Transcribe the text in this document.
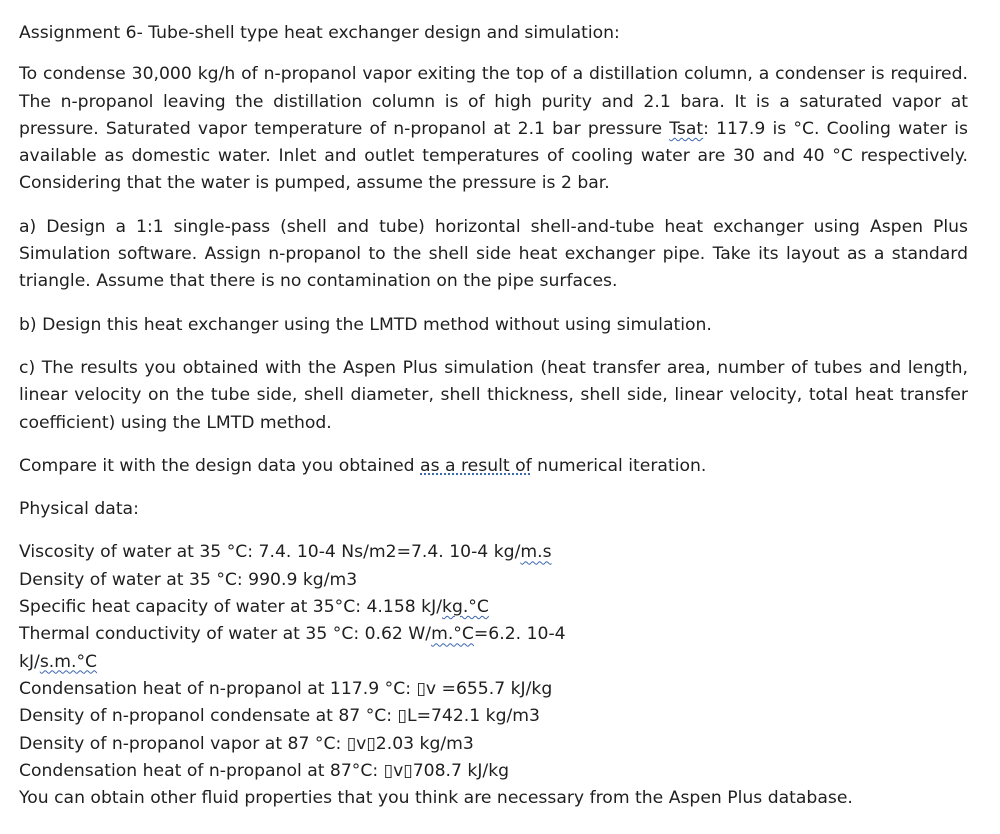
Assignment 6- Tube-shell type heat exchanger design and simulation:

To condense 30,000 kg/h of n-propanol vapor exiting the top of a distillation column, a condenser is required. The n-propanol leaving the distillation column is of high purity and 2.1 bara. It is a saturated vapor at pressure. Saturated vapor temperature of n-propanol at 2.1 bar pressure Tsat: 117.9 is °C. Cooling water is available as domestic water. Inlet and outlet temperatures of cooling water are 30 and 40 °C respectively. Considering that the water is pumped, assume the pressure is 2 bar.

a) Design a 1:1 single-pass (shell and tube) horizontal shell-and-tube heat exchanger using Aspen Plus Simulation software. Assign n-propanol to the shell side heat exchanger pipe. Take its layout as a standard triangle. Assume that there is no contamination on the pipe surfaces.

b) Design this heat exchanger using the LMTD method without using simulation.

c) The results you obtained with the Aspen Plus simulation (heat transfer area, number of tubes and length, linear velocity on the tube side, shell diameter, shell thickness, shell side, linear velocity, total heat transfer coefficient) using the LMTD method.

Compare it with the design data you obtained as a result of numerical iteration.

Physical data:

Viscosity of water at 35 °C: 7.4. 10-4 Ns/m2=7.4. 10-4 kg/m.s
Density of water at 35 °C: 990.9 kg/m3
Specific heat capacity of water at 35°C: 4.158 kJ/kg.°C
Thermal conductivity of water at 35 °C: 0.62 W/m.°C=6.2. 10-4
kJ/s.m.°C
Condensation heat of n-propanol at 117.9 °C: ▯v =655.7 kJ/kg
Density of n-propanol condensate at 87 °C: ▯L=742.1 kg/m3
Density of n-propanol vapor at 87 °C: ▯v▯2.03 kg/m3
Condensation heat of n-propanol at 87°C: ▯v▯708.7 kJ/kg
You can obtain other fluid properties that you think are necessary from the Aspen Plus database.
